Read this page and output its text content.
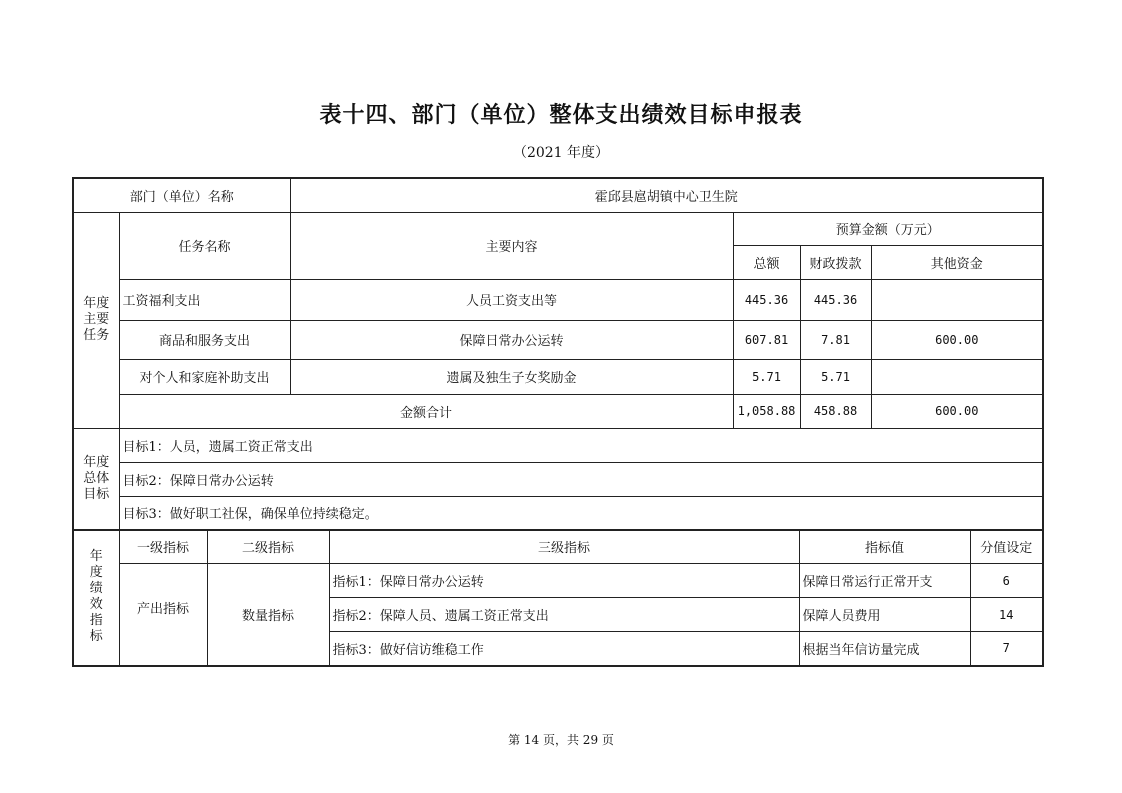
表十四、部门（单位）整体支出绩效目标申报表
（2021 年度）
部门（单位）名称		霍邱县扈胡镇中心卫生院			
年度主要任务	任务名称	主要内容	预算金额（万元）		
			总额	财政拨款	其他资金
	工资福利支出	人员工资支出等	445.36	445.36	
	商品和服务支出	保障日常办公运转	607.81	7.81	600.00
	对个人和家庭补助支出	遗属及独生子女奖励金	5.71	5.71	
	金额合计		1,058.88	458.88	600.00
年度总体目标	目标1：人员，遗属工资正常支出				
	目标2：保障日常办公运转				
	目标3：做好职工社保，确保单位持续稳定。				
年度绩效指标	一级指标	二级指标	三级指标	指标值	分值设定
	产出指标	数量指标	指标1：保障日常办公运转	保障日常运行正常开支	6
			指标2：保障人员、遗属工资正常支出	保障人员费用	14
			指标3：做好信访维稳工作	根据当年信访量完成	7
第 14 页，共 29 页
